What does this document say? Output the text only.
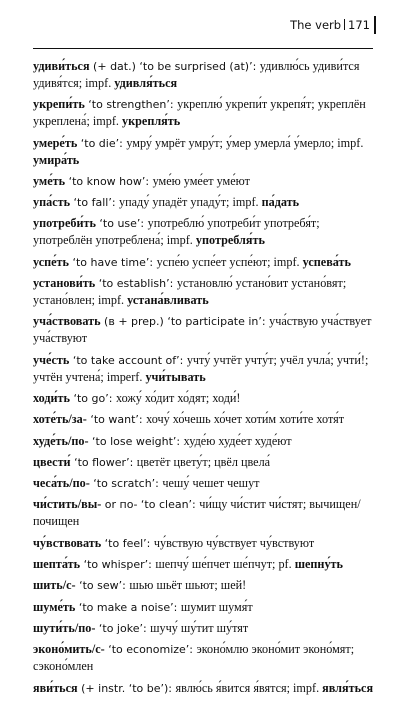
The verb 171

удиви́ться (+ dat.) ‘to be surprised (at)’: удивлю́сь удиви́тся удивя́тся; impf. удивля́ться

укрепи́ть ‘to strengthen’: укреплю́ укрепи́т укрепя́т; укреплён укреплена́; impf. укрепля́ть

умере́ть ‘to die’: умру́ умрёт умру́т; у́мер умерла́ у́мерло; impf. умира́ть

уме́ть ‘to know how’: уме́ю уме́ет уме́ют

упа́сть ‘to fall’: упаду́ упадёт упаду́т; impf. па́дать

употреби́ть ‘to use’: употреблю́ употреби́т употребя́т; употреблён употреблена́; impf. употребля́ть

успе́ть ‘to have time’: успе́ю успе́ет успе́ют; impf. успева́ть

установи́ть ‘to establish’: установлю́ устано́вит устано́вят; устано́влен; impf. устана́вливать

уча́ствовать (в + prep.) ‘to participate in’: уча́ствую уча́ствует уча́ствуют

уче́сть ‘to take account of’: учту́ учтёт учту́т; учёл учла́; учти́!; учтён учтена́; imperf. учи́тывать

ходи́ть ‘to go’: хожу́ хо́дит хо́дят; ходи́!

хоте́ть/за- ‘to want’: хочу́ хо́чешь хо́чет хоти́м хоти́те хотя́т

худе́ть/по- ‘to lose weight’: худе́ю худе́ет худе́ют

цвести́ ‘to flower’: цветёт цвету́т; цвёл цвела́

чеса́ть/по- ‘to scratch’: чешу́ чешет чешут

чи́стить/вы- or по- ‘to clean’: чи́щу чи́стит чи́стят; вычищен/почищен

чу́вствовать ‘to feel’: чу́вствую чу́вствует чу́вствуют

шепта́ть ‘to whisper’: шепчу́ ше́пчет ше́пчут; pf. шепну́ть

шить/с- ‘to sew’: шью шьёт шьют; шей!

шуме́ть ‘to make a noise’: шумит шумя́т

шути́ть/по- ‘to joke’: шучу́ шу́тит шу́тят

эконо́мить/с- ‘to economize’: эконо́млю эконо́мит эконо́мят; сэконо́млен

яви́ться (+ instr. ‘to be’): явлю́сь я́вится я́вятся; impf. явля́ться
